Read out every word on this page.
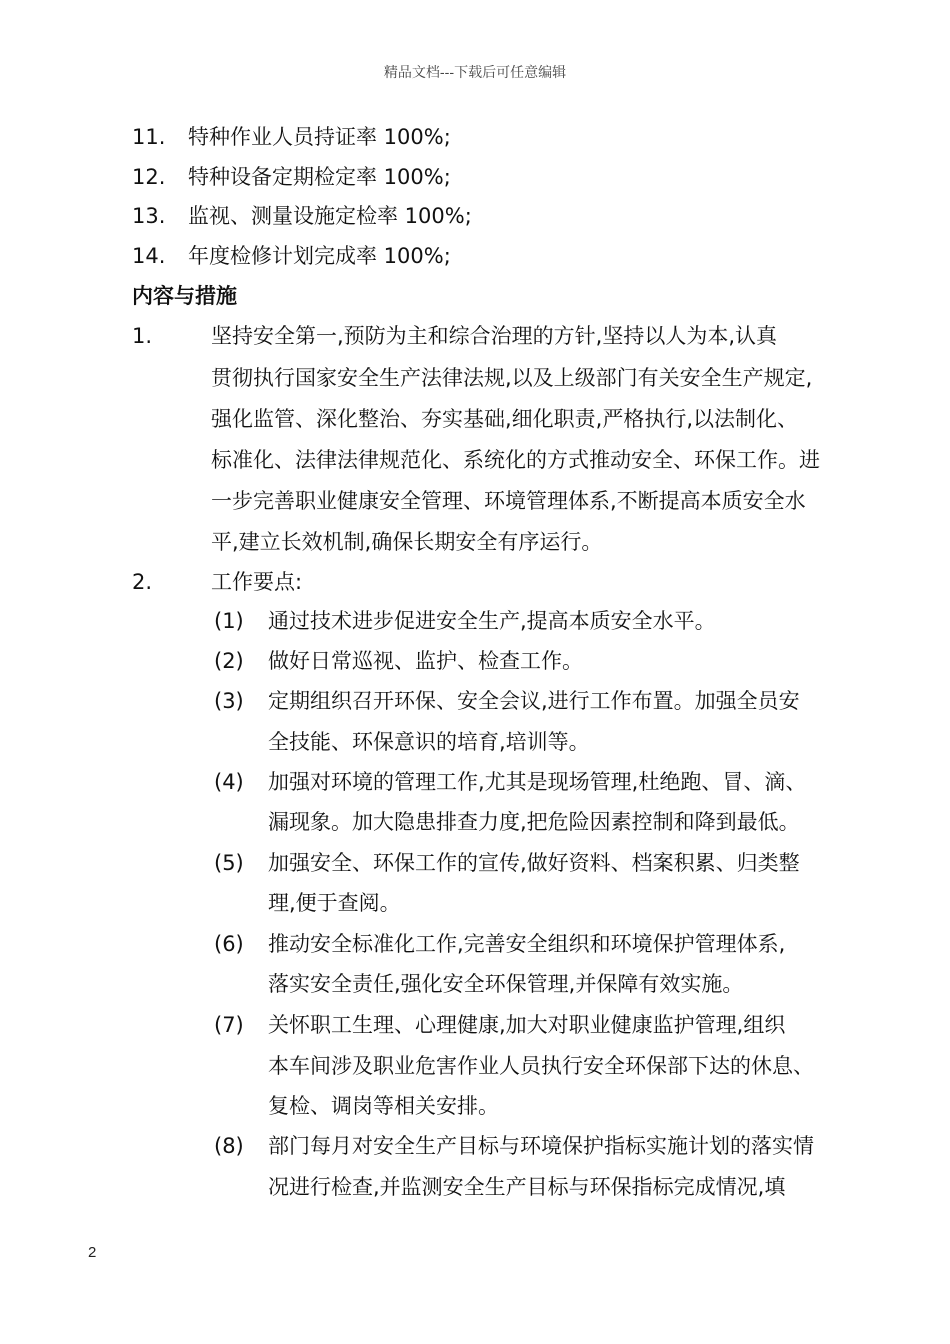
精品文档---下载后可任意编辑
11. 特种作业人员持证率 100%;
12. 特种设备定期检定率 100%;
13. 监视、测量设施定检率 100%;
14. 年度检修计划完成率 100%;
内容与措施
1.	坚持安全第一,预防为主和综合治理的方针,坚持以人为本,认真
贯彻执行国家安全生产法律法规,以及上级部门有关安全生产规定,
强化监管、深化整治、夯实基础,细化职责,严格执行,以法制化、
标准化、法律法律规范化、系统化的方式推动安全、环保工作。进
一步完善职业健康安全管理、环境管理体系,不断提高本质安全水
平,建立长效机制,确保长期安全有序运行。
2.	工作要点:
(1) 通过技术进步促进安全生产,提高本质安全水平。
(2) 做好日常巡视、监护、检查工作。
(3) 定期组织召开环保、安全会议,进行工作布置。加强全员安
全技能、环保意识的培育,培训等。
(4) 加强对环境的管理工作,尤其是现场管理,杜绝跑、冒、滴、
漏现象。加大隐患排查力度,把危险因素控制和降到最低。
(5) 加强安全、环保工作的宣传,做好资料、档案积累、归类整
理,便于查阅。
(6) 推动安全标准化工作,完善安全组织和环境保护管理体系,
落实安全责任,强化安全环保管理,并保障有效实施。
(7) 关怀职工生理、心理健康,加大对职业健康监护管理,组织
本车间涉及职业危害作业人员执行安全环保部下达的休息、
复检、调岗等相关安排。
(8) 部门每月对安全生产目标与环境保护指标实施计划的落实情
况进行检查,并监测安全生产目标与环保指标完成情况,填
2
